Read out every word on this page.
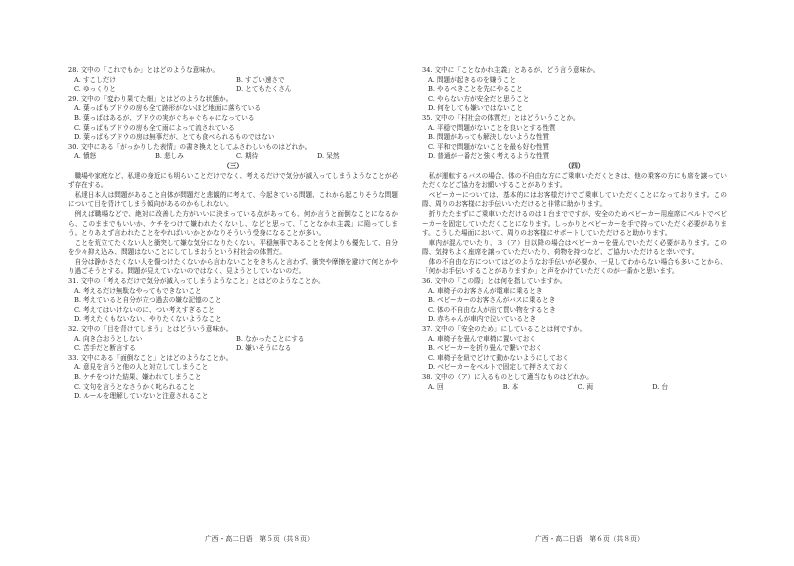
28. 文中の「これでもか」とはどのような意味か。
A. すこしだけ	B. すごい速さで
C. ゆっくりと	D. とてもたくさん
29. 文中の「変わり果てた畑」とはどのような状態か。
A. 葉っぱもブドウの房も全て跡形がないほど地面に落ちている
B. 葉っぱはあるが、ブドウの実がぐちゃぐちゃになっている
C. 葉っぱもブドウの房も全て雨によって流されている
D. 葉っぱもブドウの房は無事だが、とても食べられるものではない
30. 文中にある「がっかりした表情」の書き換えとしてふさわしいものはどれか。
A. 憤怒	B. 悲しみ	C. 期待	D. 呆然
（三）
職場や家庭など、私達の身近にも明らいことだけでなく、考えるだけで気分が滅入ってしまうようなことが必ず存在する。
私達日本人は問題があること自体が問題だと悲観的に考えて、今起きている問題、これから起こりそうな問題について目を背けてしまう傾向があるのかもしれない。
例えば職場などで、絶対に改善した方がいいに決まっている点があっても、何か言うと面倒なことになるから、このままでもいいか、ケチをつけて嫌われたくないし、などと思って、「ことなかれ主義」に陥ってしまう。とりあえず言われたことをやればいいかとかなりそういう受身になることが多い。
ことを荒立てたくない人と衝突して嫌な気分になりたくない。平穏無事であることを何よりも優先して、自分を少々抑え込み、問題はないことにしてしまおうという村社会の体質だ。
自分は静かさたくない人を傷つけたくないから言わないことをきちんと言わず、衝突や摩擦を避けて何とかやり過ごそうとする。問題が見えていないのではなく、見ようとしていないのだ。
31. 文中の「考えるだけで気分が滅入ってしまうようなこと」とはどのようなことか。
A. 考えるだけ無駄なやってもできないこと
B. 考えていると自分が立つ過去の嫌な記憶のこと
C. 考えてはいけないのに、つい考えすぎること
D. 考えたくもないない、やりたくないようなこと
32. 文中の「目を背けてしまう」とはどういう意味か。
A. 向き合おうとしない	B. なかったことにする
C. 苦手だと断言する	D. 嫌いそうになる
33. 文中にある「面倒なこと」とはどのようなことか。
A. 意見を言うと他の人と対立してしまうこと
B. ケチをつけた結果、嫌われてしまうこと
C. 文句を言うとなさうかく叱られること
D. ルールを理解していないと注意されること
广西・高二日语　第５页（共８页）
34. 文中に「ことなかれ主義」とあるが、どう言う意味か。
A. 問題が起きるのを嫌うこと
B. やるべきことを先にやること
C. やらない方が安全だと思うこと
D. 何をしても嫌いではないこと
35. 文中の「村社会の体質だ」とはどういうことか。
A. 平穏で問題がないことを良いとする性質
B. 問題があっても解決しないような性質
C. 平和で問題がないことを最も好む性質
D. 普通が一番だと強く考えるような性質
（四）
私が運転するバスの場合、体の不自由な方にご乗車いただくときは、他の乗客の方にも席を譲っていただくなどご協力をお願いすることがあります。
ベビーカーについては、基本的にはお客様だけでご乗車していただくことになっております。この際、周りのお客様にお手伝いいただけると非常に助かります。
折りたたまずにご乗車いただけるのは１台までですが、安全のためベビーカー用座席にベルトでベビーカーを固定していただくことになります。しっかりとベビーカーを手で持っていただく必要があります。こうした場面において、周りのお客様にサポートしていただけると助かります。
車内が混んでいたり、３（ア）目以降の場合はベビーカーを畳んでいただく必要があります。この際、気持ちよく座席を譲っていただいたり、荷物を持つなど、ご協力いただけると幸いです。
体の不自由な方についてはどのようなお手伝いが必要か、一見してわからない場合も多いことから、「何かお手伝いすることがありますか」と声をかけていただくのが一番かと思います。
36. 文中の「この際」とは何を指していますか。
A. 車椅子のお客さんが電車に乗るとき
B. ベビーカーのお客さんがバスに乗るとき
C. 体の不自由な人が出て買い物をするとき
D. 赤ちゃんが車内で泣いているとき
37. 文中の「安全のため」にしていることは何ですか。
A. 車椅子を畳んで車椅に置いておく
B. ベビーカーを折り畳んで繋いでおく
C. 車椅子を紐でどけて動かないようにしておく
D. ベビーカーをベルトで固定して押さえておく
38. 文中の（ア）に入るものとして適当なものはどれか。
A. 回	B. 本	C. 両	D. 台
广西・高二日语　第６页（共８页）
